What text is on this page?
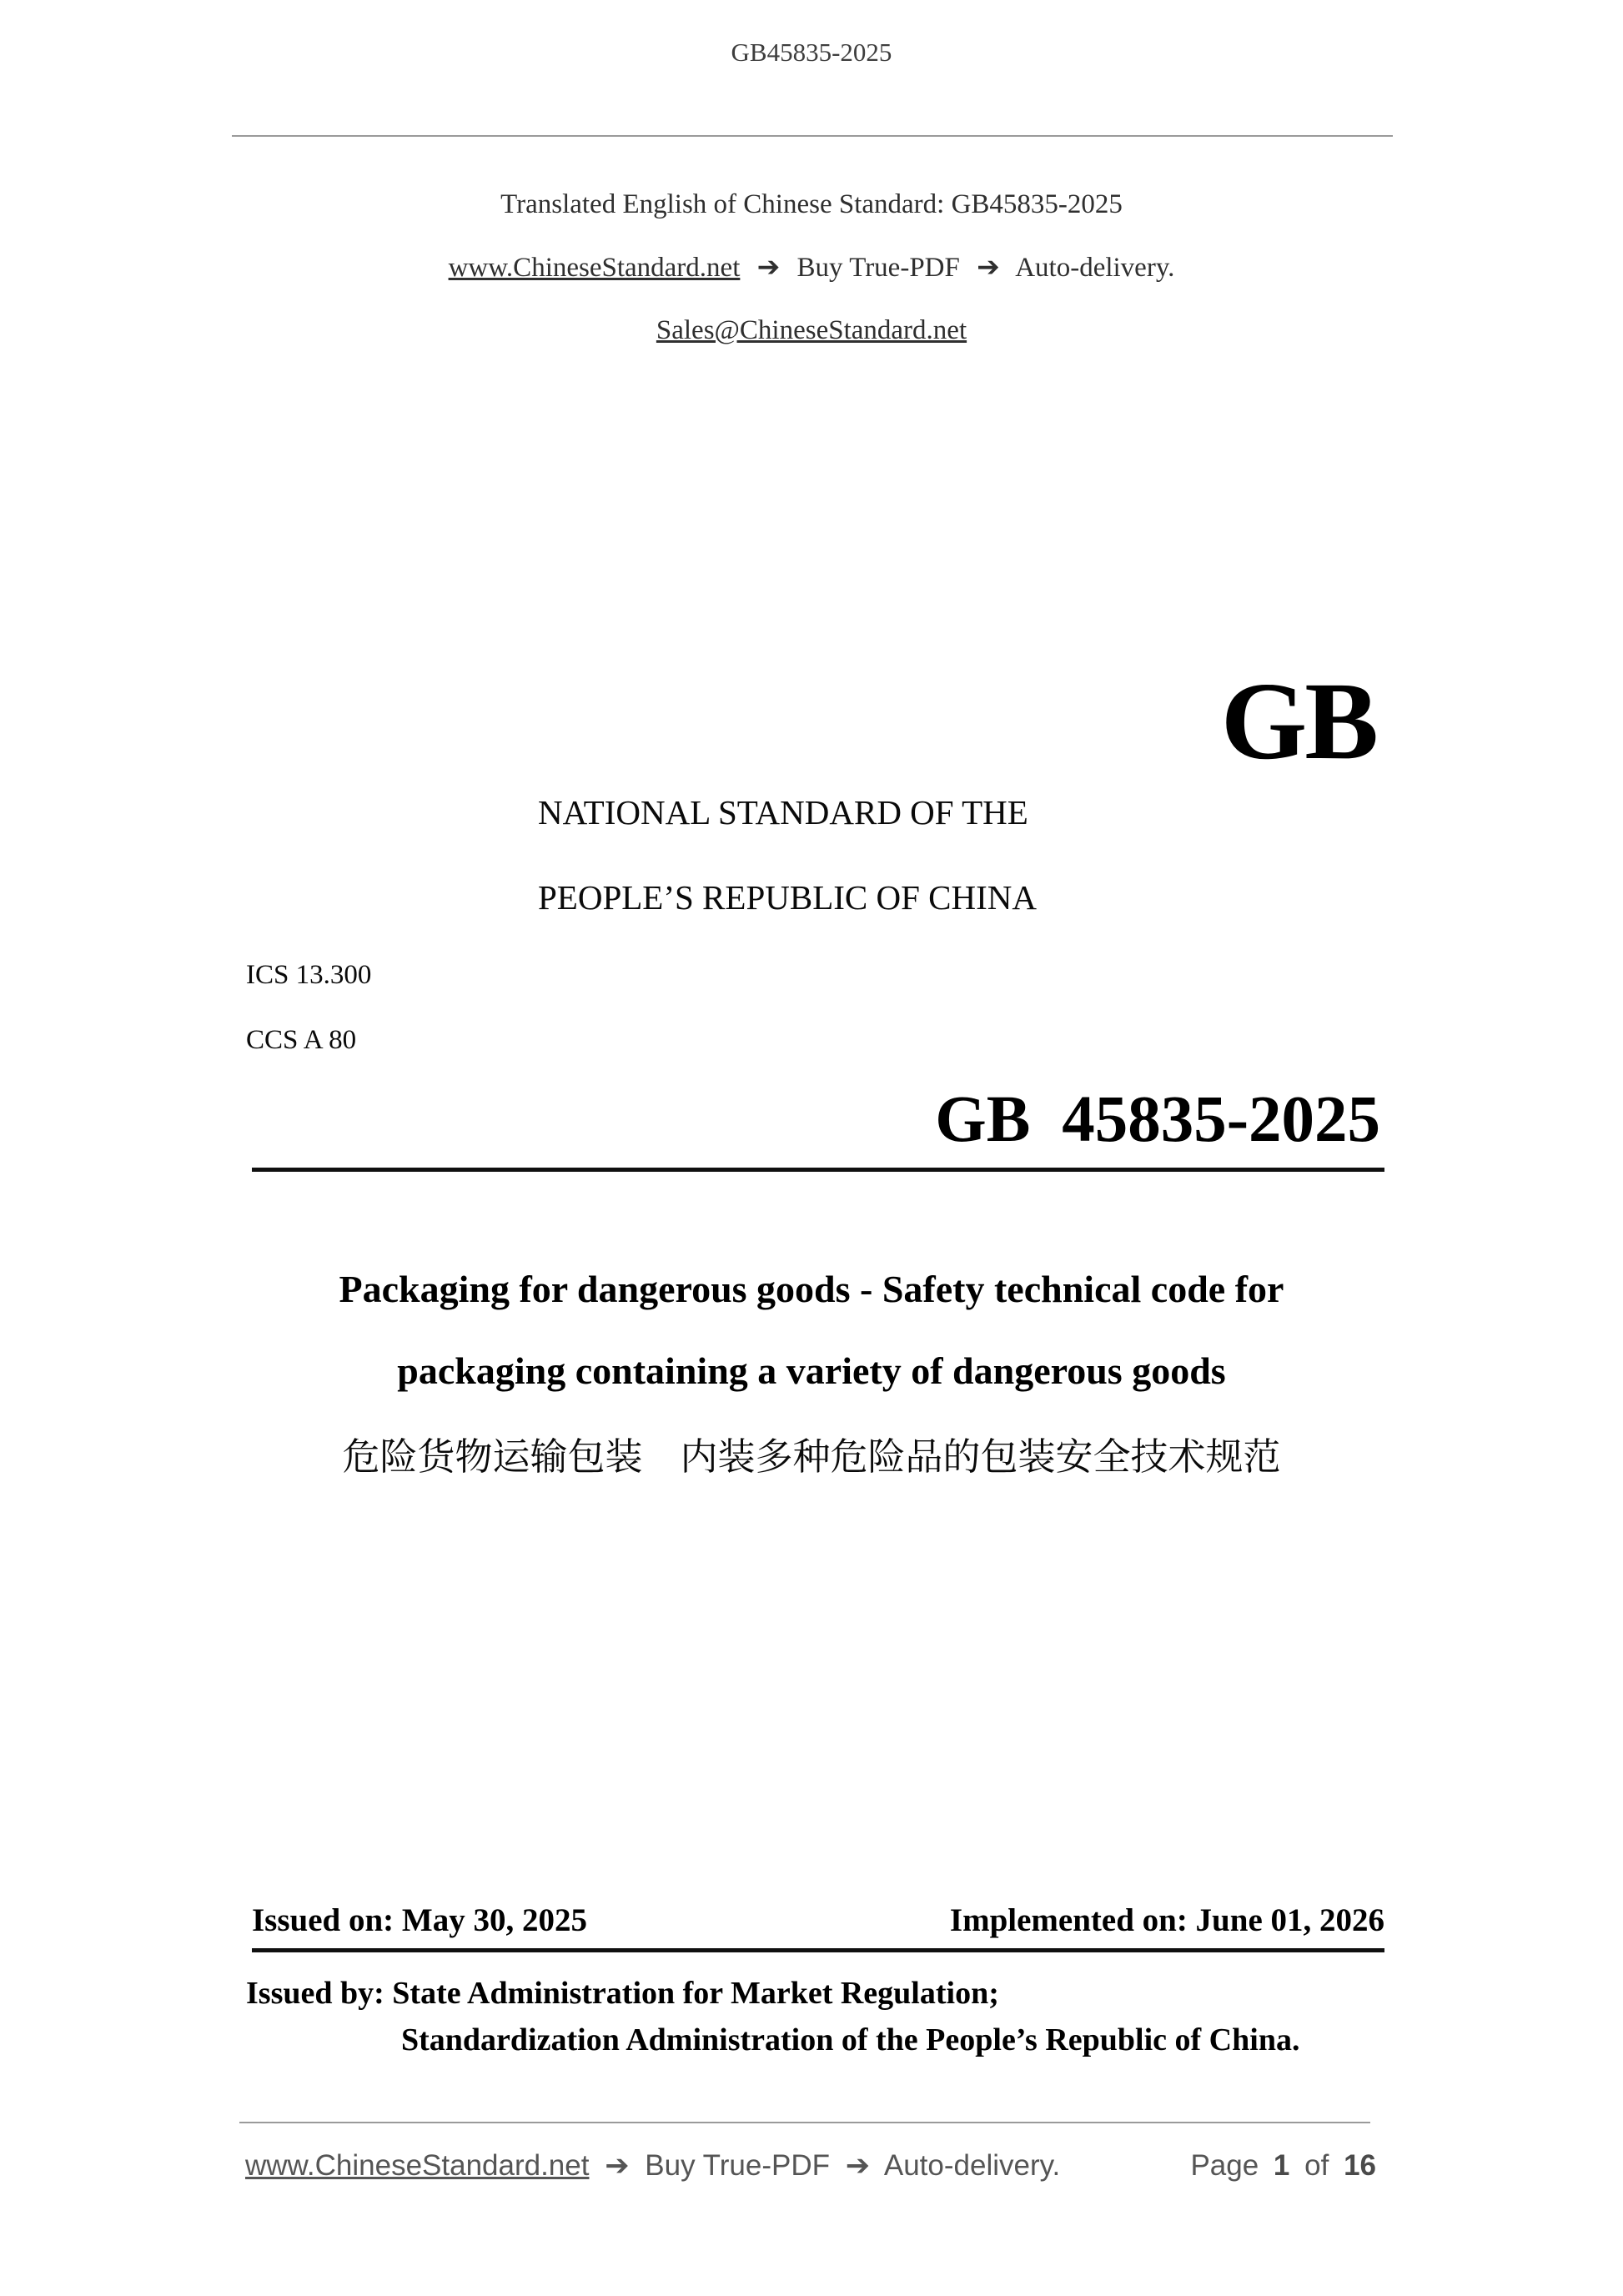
GB45835-2025

Translated English of Chinese Standard: GB45835-2025

www.ChineseStandard.net ➔ Buy True-PDF ➔ Auto-delivery.

Sales@ChineseStandard.net

GB
NATIONAL STANDARD OF THE
PEOPLE’S REPUBLIC OF CHINA
ICS 13.300
CCS A 80
GB 45835-2025

Packaging for dangerous goods - Safety technical code for

packaging containing a variety of dangerous goods

危险货物运输包装　内装多种危险品的包装安全技术规范

Issued on: May 30, 2025	Implemented on: June 01, 2026
Issued by: State Administration for Market Regulation;
Standardization Administration of the People’s Republic of China.
www.ChineseStandard.net ➔ Buy True-PDF ➔ Auto-delivery.	Page 1 of 16
